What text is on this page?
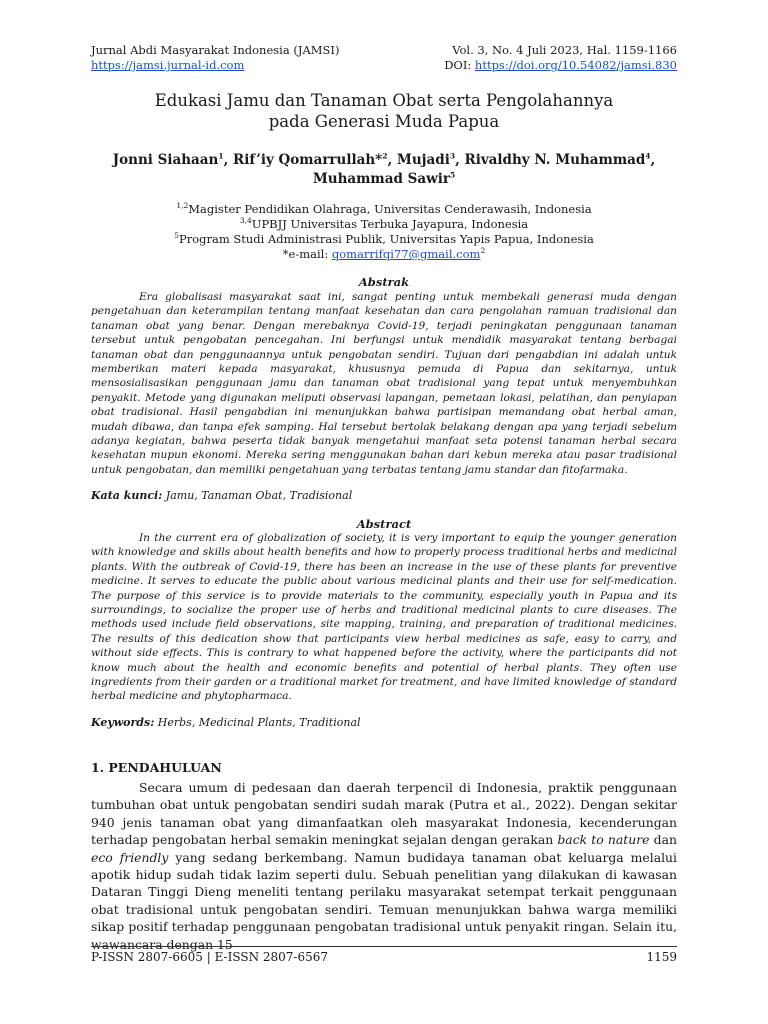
Jurnal Abdi Masyarakat Indonesia (JAMSI)	Vol. 3, No. 4 Juli 2023, Hal. 1159-1166
https://jamsi.jurnal-id.com	DOI: https://doi.org/10.54082/jamsi.830
Edukasi Jamu dan Tanaman Obat serta Pengolahannya
pada Generasi Muda Papua
Jonni Siahaan$^1$, Rif’iy Qomarrullah*$^2$, Mujadi$^3$, Rivaldhy N. Muhammad$^4$,
Muhammad Sawir$^5$
$^{1,2}$Magister Pendidikan Olahraga, Universitas Cenderawasih, Indonesia
$^{3,4}$UPBJJ Universitas Terbuka Jayapura, Indonesia
$^5$Program Studi Administrasi Publik, Universitas Yapis Papua, Indonesia
*e-mail: qomarrifqi77@gmail.com$^2$
Abstrak
Era globalisasi masyarakat saat ini, sangat penting untuk membekali generasi muda dengan pengetahuan dan keterampilan tentang manfaat kesehatan dan cara pengolahan ramuan tradisional dan tanaman obat yang benar. Dengan merebaknya Covid-19, terjadi peningkatan penggunaan tanaman tersebut untuk pengobatan pencegahan. Ini berfungsi untuk mendidik masyarakat tentang berbagai tanaman obat dan penggunaannya untuk pengobatan sendiri. Tujuan dari pengabdian ini adalah untuk memberikan materi kepada masyarakat, khususnya pemuda di Papua dan sekitarnya, untuk mensosialisasikan penggunaan jamu dan tanaman obat tradisional yang tepat untuk menyembuhkan penyakit. Metode yang digunakan meliputi observasi lapangan, pemetaan lokasi, pelatihan, dan penyiapan obat tradisional. Hasil pengabdian ini menunjukkan bahwa partisipan memandang obat herbal aman, mudah dibawa, dan tanpa efek samping. Hal tersebut bertolak belakang dengan apa yang terjadi sebelum adanya kegiatan, bahwa peserta tidak banyak mengetahui manfaat seta potensi tanaman herbal secara kesehatan mupun ekonomi. Mereka sering menggunakan bahan dari kebun mereka atau pasar tradisional untuk pengobatan, dan memiliki pengetahuan yang terbatas tentang jamu standar dan fitofarmaka.
Kata kunci: Jamu, Tanaman Obat, Tradisional
Abstract
In the current era of globalization of society, it is very important to equip the younger generation with knowledge and skills about health benefits and how to properly process traditional herbs and medicinal plants. With the outbreak of Covid-19, there has been an increase in the use of these plants for preventive medicine. It serves to educate the public about various medicinal plants and their use for self-medication. The purpose of this service is to provide materials to the community, especially youth in Papua and its surroundings, to socialize the proper use of herbs and traditional medicinal plants to cure diseases. The methods used include field observations, site mapping, training, and preparation of traditional medicines. The results of this dedication show that participants view herbal medicines as safe, easy to carry, and without side effects. This is contrary to what happened before the activity, where the participants did not know much about the health and economic benefits and potential of herbal plants. They often use ingredients from their garden or a traditional market for treatment, and have limited knowledge of standard herbal medicine and phytopharmaca.
Keywords: Herbs, Medicinal Plants, Traditional
1. PENDAHULUAN
Secara umum di pedesaan dan daerah terpencil di Indonesia, praktik penggunaan tumbuhan obat untuk pengobatan sendiri sudah marak (Putra et al., 2022). Dengan sekitar 940 jenis tanaman obat yang dimanfaatkan oleh masyarakat Indonesia, kecenderungan terhadap pengobatan herbal semakin meningkat sejalan dengan gerakan back to nature dan eco friendly yang sedang berkembang. Namun budidaya tanaman obat keluarga melalui apotik hidup sudah tidak lazim seperti dulu. Sebuah penelitian yang dilakukan di kawasan Dataran Tinggi Dieng meneliti tentang perilaku masyarakat setempat terkait penggunaan obat tradisional untuk pengobatan sendiri. Temuan menunjukkan bahwa warga memiliki sikap positif terhadap penggunaan pengobatan tradisional untuk penyakit ringan. Selain itu, wawancara dengan 15
P-ISSN 2807-6605 | E-ISSN 2807-6567	1159
